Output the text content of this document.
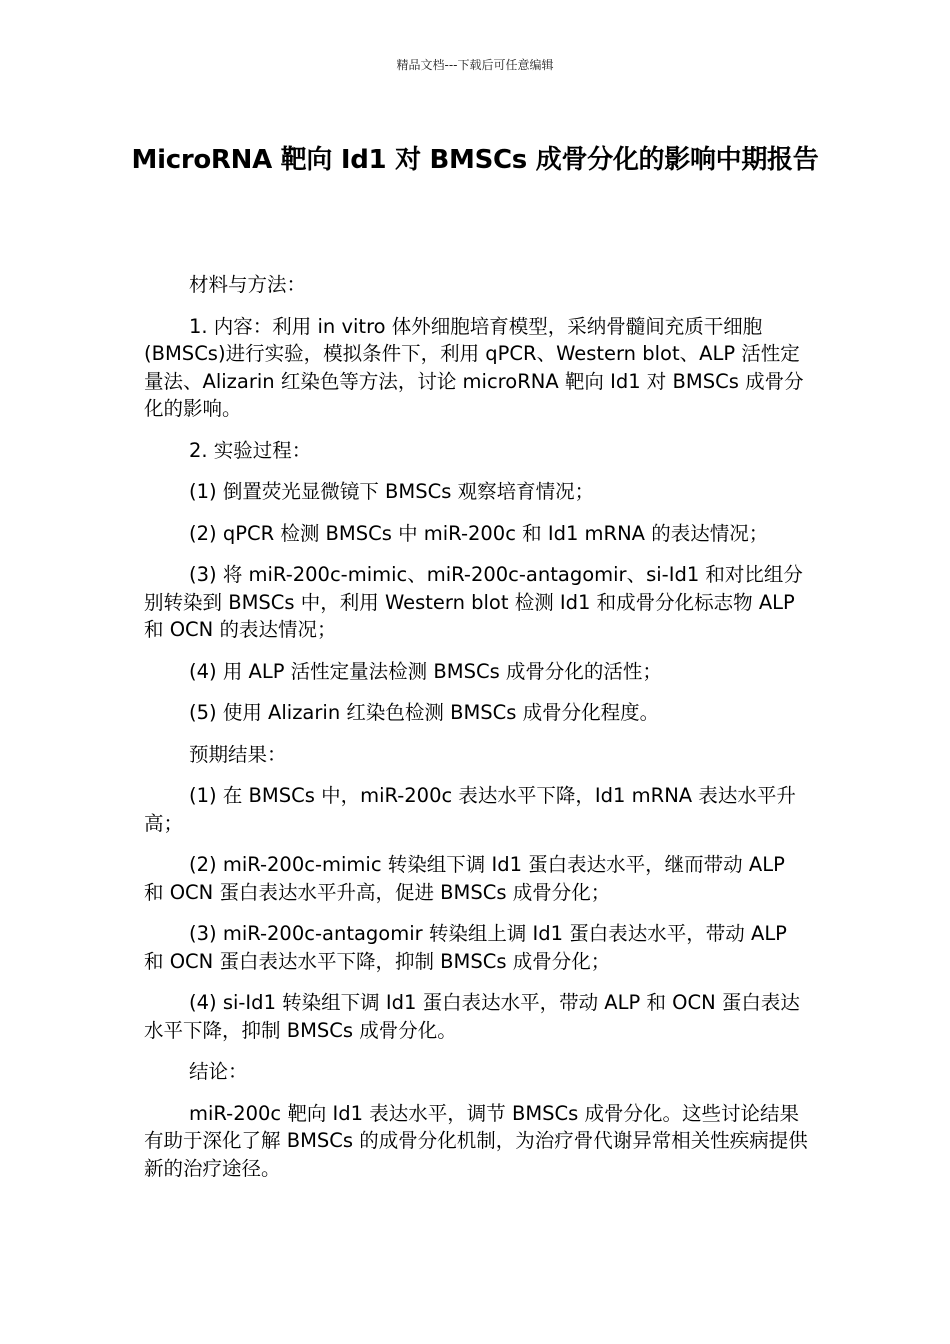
精品文档---下载后可任意编辑
MicroRNA 靶向 Id1 对 BMSCs 成骨分化的影响中期报告

材料与方法：

1. 内容：利用 in vitro 体外细胞培育模型，采纳骨髓间充质干细胞(BMSCs)进行实验，模拟条件下，利用 qPCR、Western blot、ALP 活性定量法、Alizarin 红染色等方法，讨论 microRNA 靶向 Id1 对 BMSCs 成骨分化的影响。

2. 实验过程：

(1) 倒置荧光显微镜下 BMSCs 观察培育情况；

(2) qPCR 检测 BMSCs 中 miR-200c 和 Id1 mRNA 的表达情况；

(3) 将 miR-200c-mimic、miR-200c-antagomir、si-Id1 和对比组分别转染到 BMSCs 中，利用 Western blot 检测 Id1 和成骨分化标志物 ALP 和 OCN 的表达情况；

(4) 用 ALP 活性定量法检测 BMSCs 成骨分化的活性；

(5) 使用 Alizarin 红染色检测 BMSCs 成骨分化程度。

预期结果：

(1) 在 BMSCs 中，miR-200c 表达水平下降，Id1 mRNA 表达水平升高；

(2) miR-200c-mimic 转染组下调 Id1 蛋白表达水平，继而带动 ALP 和 OCN 蛋白表达水平升高，促进 BMSCs 成骨分化；

(3) miR-200c-antagomir 转染组上调 Id1 蛋白表达水平，带动 ALP 和 OCN 蛋白表达水平下降，抑制 BMSCs 成骨分化；

(4) si-Id1 转染组下调 Id1 蛋白表达水平，带动 ALP 和 OCN 蛋白表达水平下降，抑制 BMSCs 成骨分化。

结论：

miR-200c 靶向 Id1 表达水平，调节 BMSCs 成骨分化。这些讨论结果有助于深化了解 BMSCs 的成骨分化机制，为治疗骨代谢异常相关性疾病提供新的治疗途径。
